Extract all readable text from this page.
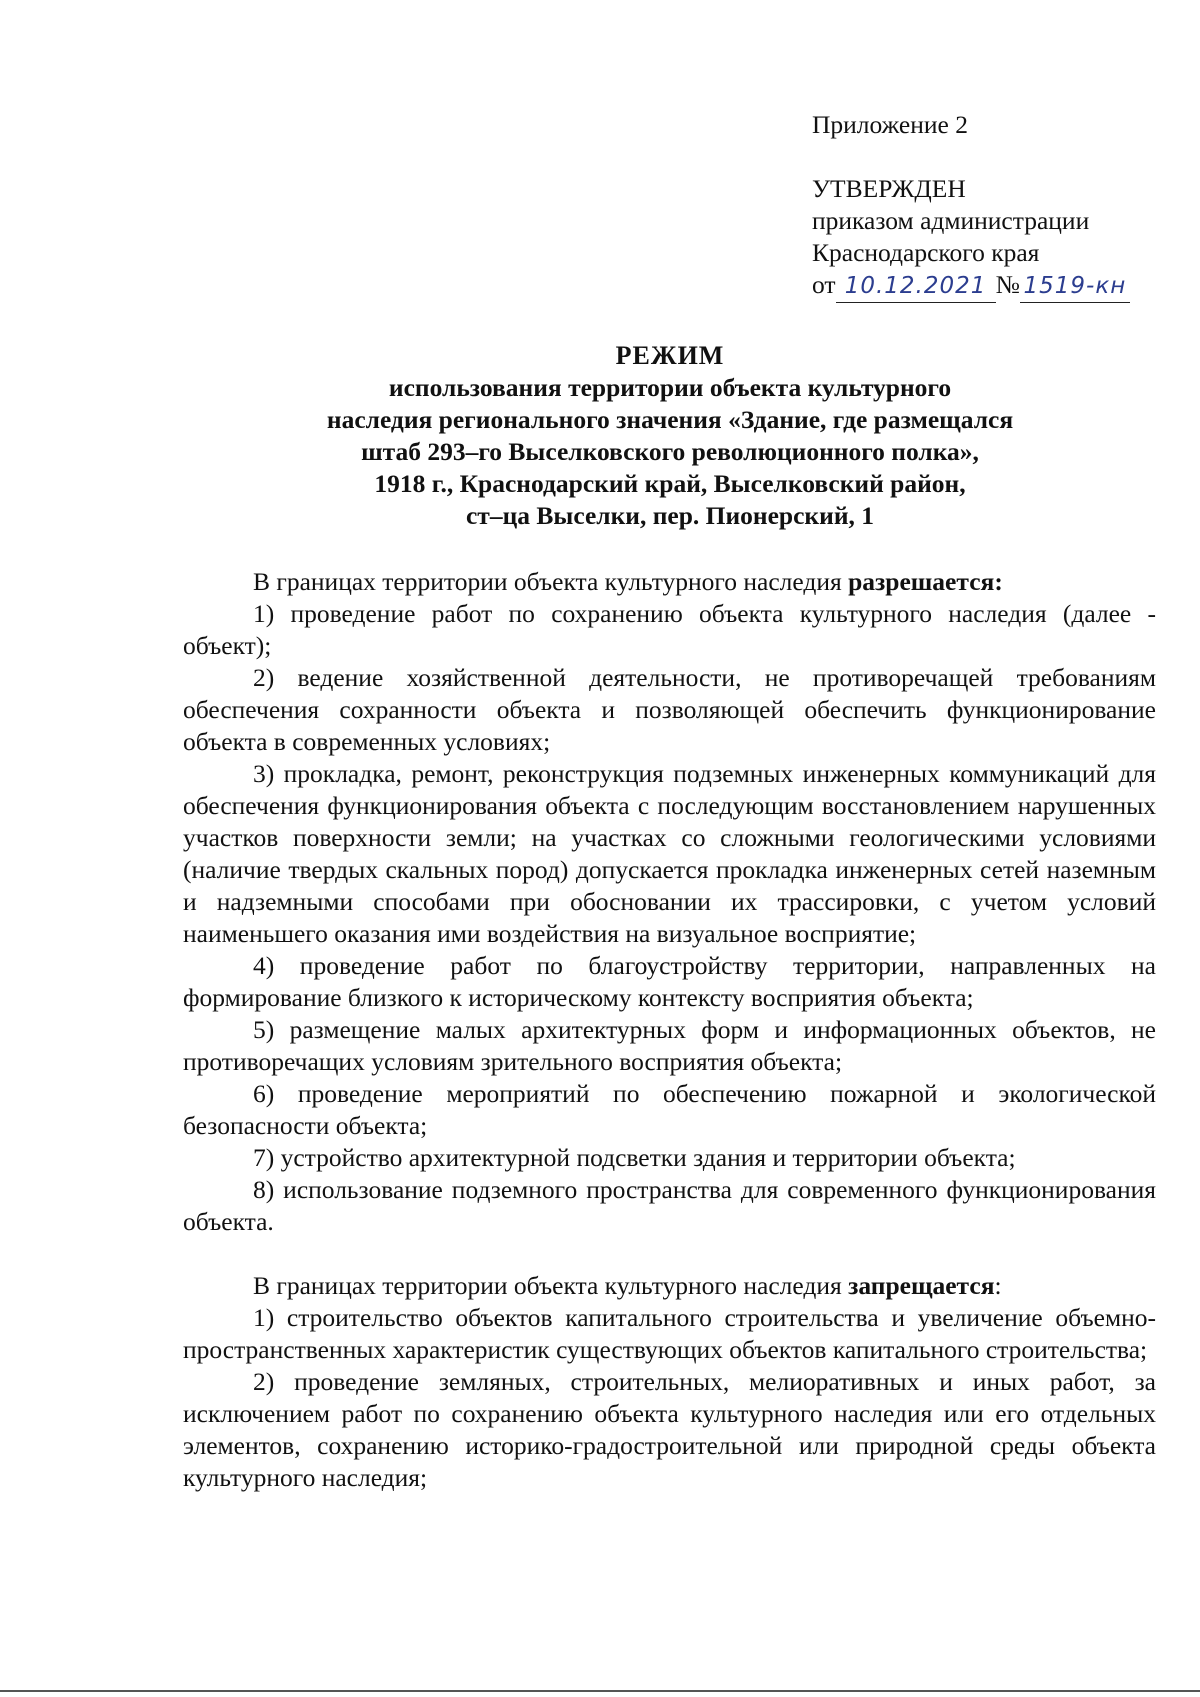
Приложение 2
УТВЕРЖДЕН
приказом администрации
Краснодарского края
от 10.12.2021 № 1519-кн
РЕЖИМ
использования территории объекта культурного
наследия регионального значения «Здание, где размещался
штаб 293–го Выселковского революционного полка»,
1918 г., Краснодарский край, Выселковский район,
ст–ца Выселки, пер. Пионерский, 1

В границах территории объекта культурного наследия разрешается:

1) проведение работ по сохранению объекта культурного наследия (далее - объект);

2) ведение хозяйственной деятельности, не противоречащей требованиям обеспечения сохранности объекта и позволяющей обеспечить функционирование объекта в современных условиях;

3) прокладка, ремонт, реконструкция подземных инженерных коммуникаций для обеспечения функционирования объекта с последующим восстановлением нарушенных участков поверхности земли; на участках со сложными геологическими условиями (наличие твердых скальных пород) допускается прокладка инженерных сетей наземным и надземными способами при обосновании их трассировки, с учетом условий наименьшего оказания ими воздействия на визуальное восприятие;

4) проведение работ по благоустройству территории, направленных на формирование близкого к историческому контексту восприятия объекта;

5) размещение малых архитектурных форм и информационных объектов, не противоречащих условиям зрительного восприятия объекта;

6) проведение мероприятий по обеспечению пожарной и экологической безопасности объекта;

7) устройство архитектурной подсветки здания и территории объекта;

8) использование подземного пространства для современного функционирования объекта.

В границах территории объекта культурного наследия запрещается:

1) строительство объектов капитального строительства и увеличение объемно-пространственных характеристик существующих объектов капитального строительства;

2) проведение земляных, строительных, мелиоративных и иных работ, за исключением работ по сохранению объекта культурного наследия или его отдельных элементов, сохранению историко-градостроительной или природной среды объекта культурного наследия;
